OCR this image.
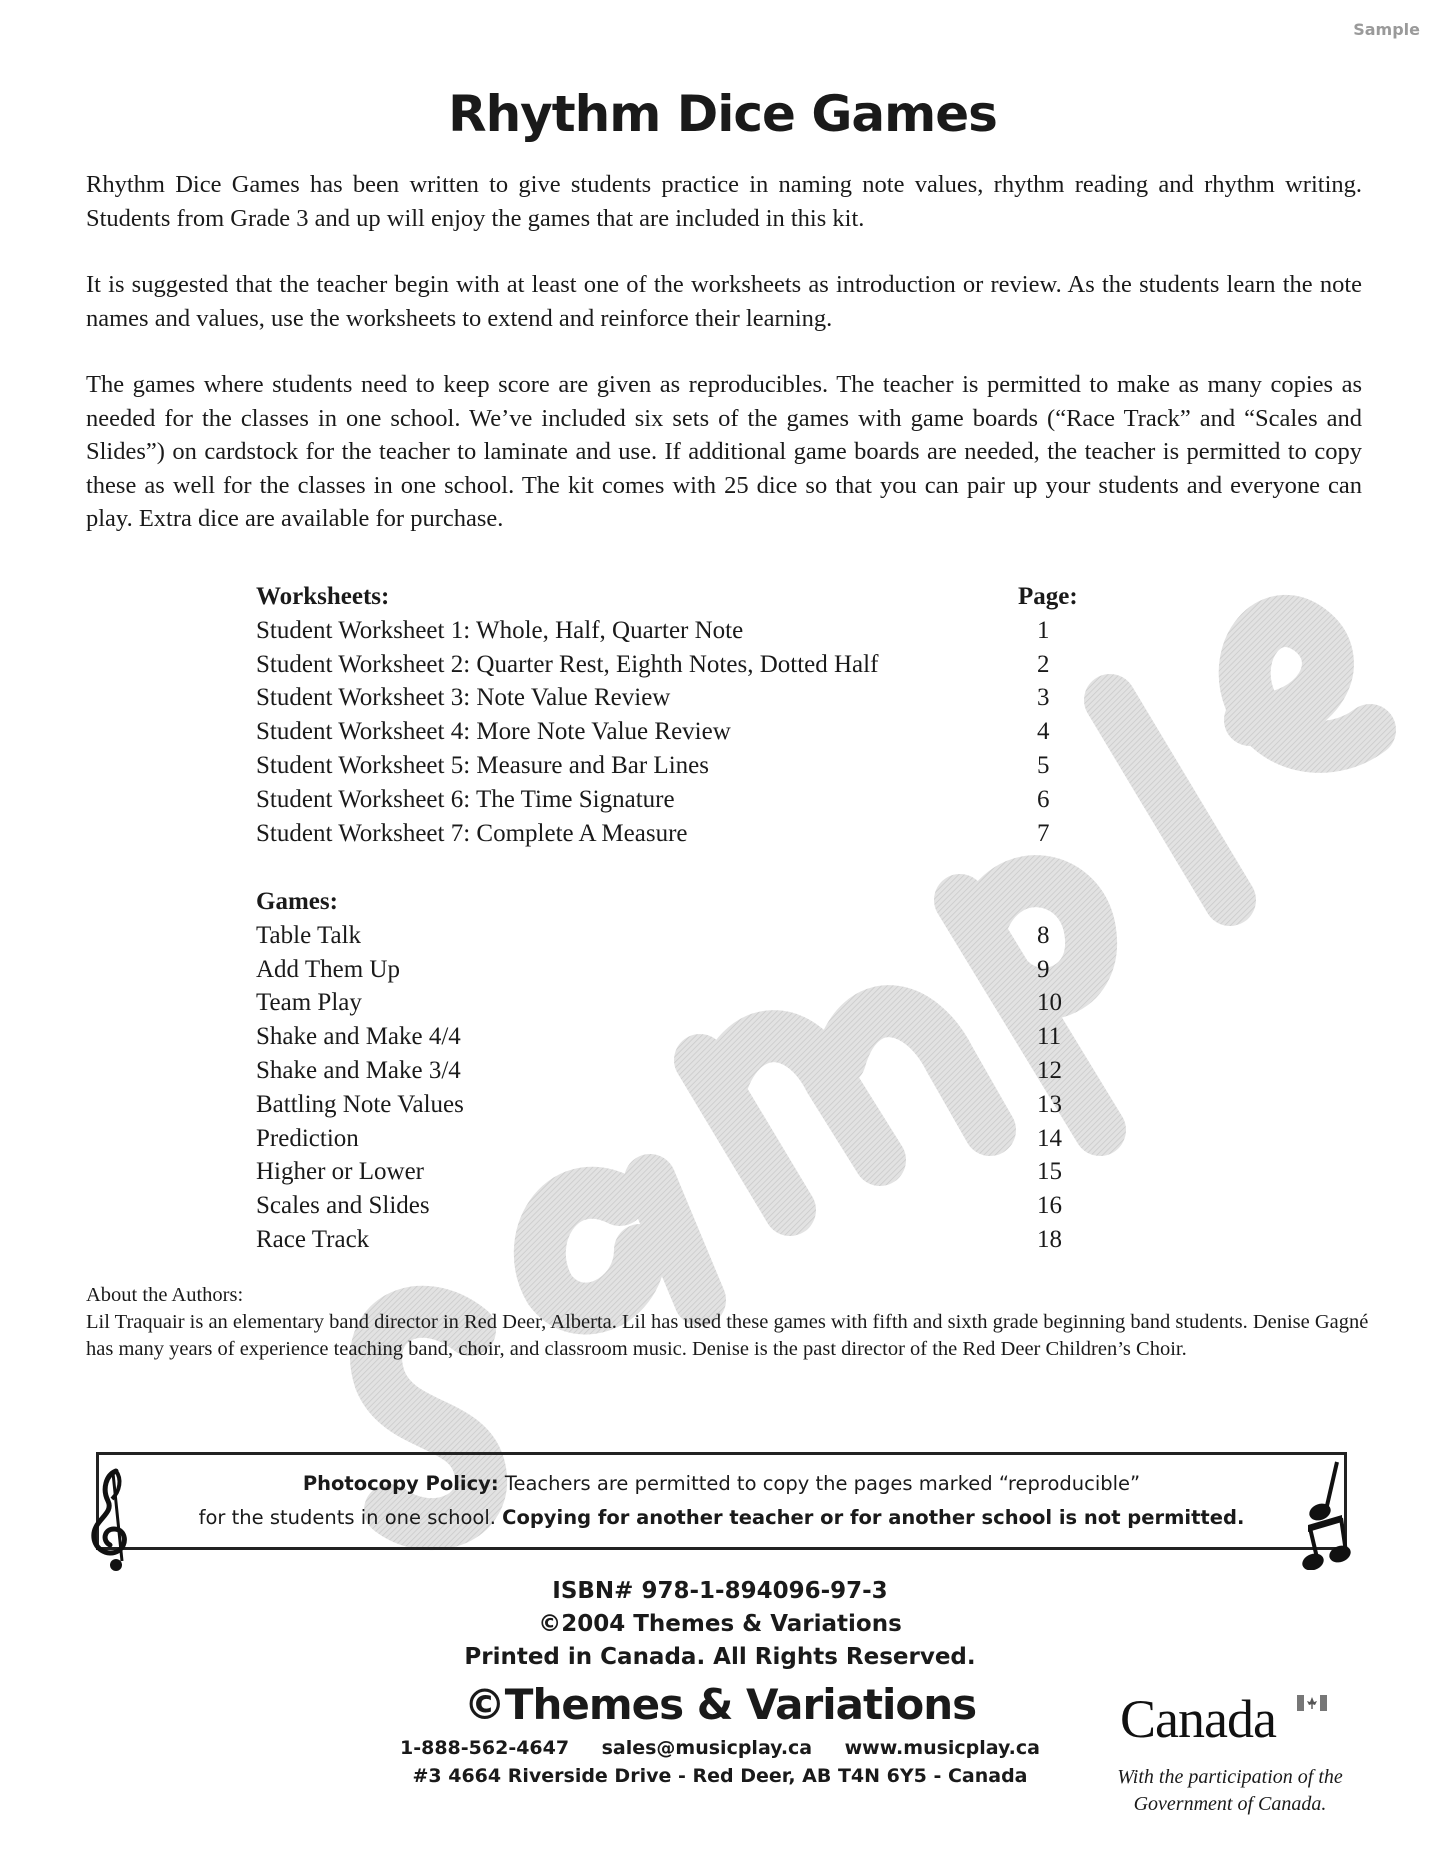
Sample
Rhythm Dice Games
Rhythm Dice Games has been written to give students practice in naming note values, rhythm reading and rhythm writing. Students from Grade 3 and up will enjoy the games that are included in this kit.
It is suggested that the teacher begin with at least one of the worksheets as introduction or review. As the students learn the note names and values, use the worksheets to extend and reinforce their learning.
The games where students need to keep score are given as reproducibles. The teacher is permitted to make as many copies as needed for the classes in one school. We’ve included six sets of the games with game boards (“Race Track” and “Scales and Slides”) on cardstock for the teacher to laminate and use. If additional game boards are needed, the teacher is permitted to copy these as well for the classes in one school. The kit comes with 25 dice so that you can pair up your students and everyone can play. Extra dice are available for purchase.
Worksheets:	Page:
Student Worksheet 1: Whole, Half, Quarter Note	1
Student Worksheet 2: Quarter Rest, Eighth Notes, Dotted Half	2
Student Worksheet 3: Note Value Review	3
Student Worksheet 4: More Note Value Review	4
Student Worksheet 5: Measure and Bar Lines	5
Student Worksheet 6: The Time Signature	6
Student Worksheet 7: Complete A Measure	7
Games:
Table Talk	8
Add Them Up	9
Team Play	10
Shake and Make 4/4	11
Shake and Make 3/4	12
Battling Note Values	13
Prediction	14
Higher or Lower	15
Scales and Slides	16
Race Track	18
About the Authors:
Lil Traquair is an elementary band director in Red Deer, Alberta. Lil has used these games with fifth and sixth grade beginning band students. Denise Gagné has many years of experience teaching band, choir, and classroom music. Denise is the past director of the Red Deer Children’s Choir.
Photocopy Policy: Teachers are permitted to copy the pages marked “reproducible”
for the students in one school. Copying for another teacher or for another school is not permitted.
ISBN# 978-1-894096-97-3
©2004 Themes & Variations
Printed in Canada. All Rights Reserved.
©Themes & Variations
1-888-562-4647 sales@musicplay.ca www.musicplay.ca
#3 4664 Riverside Drive - Red Deer, AB T4N 6Y5 - Canada
Canada
With the participation of the
Government of Canada.
